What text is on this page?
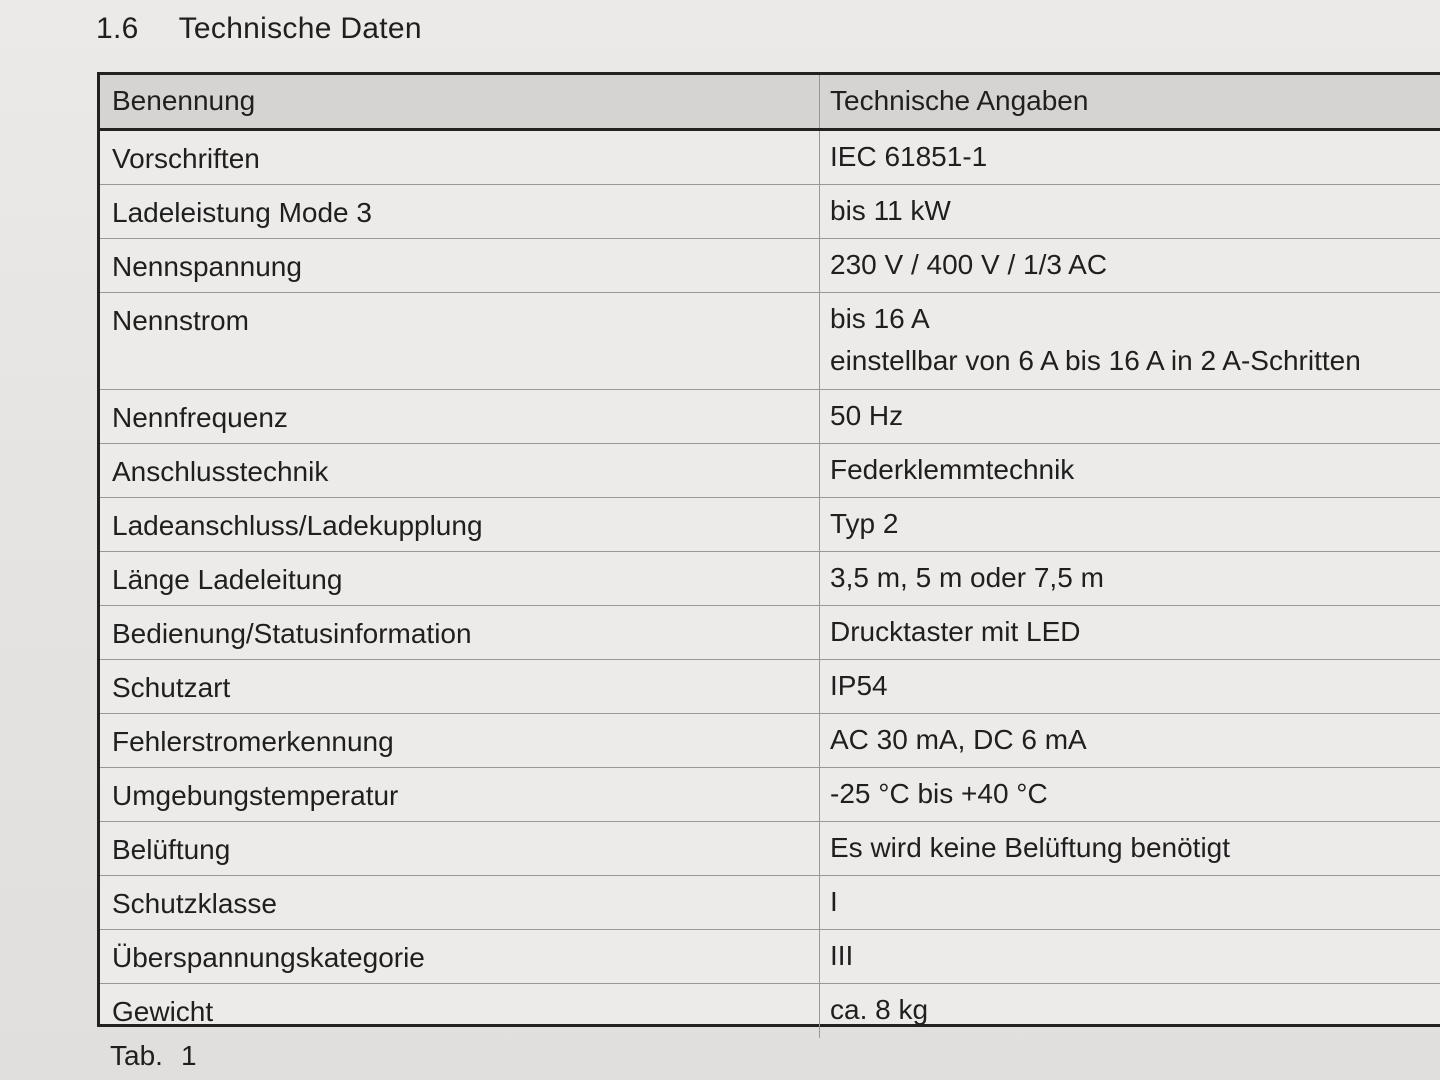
1.6 Technische Daten
Benennung	Technische Angaben
Vorschriften	IEC 61851-1
Ladeleistung Mode 3	bis 11 kW
Nennspannung	230 V / 400 V / 1/3 AC
Nennstrom	bis 16 A
einstellbar von 6 A bis 16 A in 2 A-Schritten
Nennfrequenz	50 Hz
Anschlusstechnik	Federklemmtechnik
Ladeanschluss/Ladekupplung	Typ 2
Länge Ladeleitung	3,5 m, 5 m oder 7,5 m
Bedienung/Statusinformation	Drucktaster mit LED
Schutzart	IP54
Fehlerstromerkennung	AC 30 mA, DC 6 mA
Umgebungstemperatur	-25 °C bis +40 °C
Belüftung	Es wird keine Belüftung benötigt
Schutzklasse	I
Überspannungskategorie	III
Gewicht	ca. 8 kg
Tab. 1
